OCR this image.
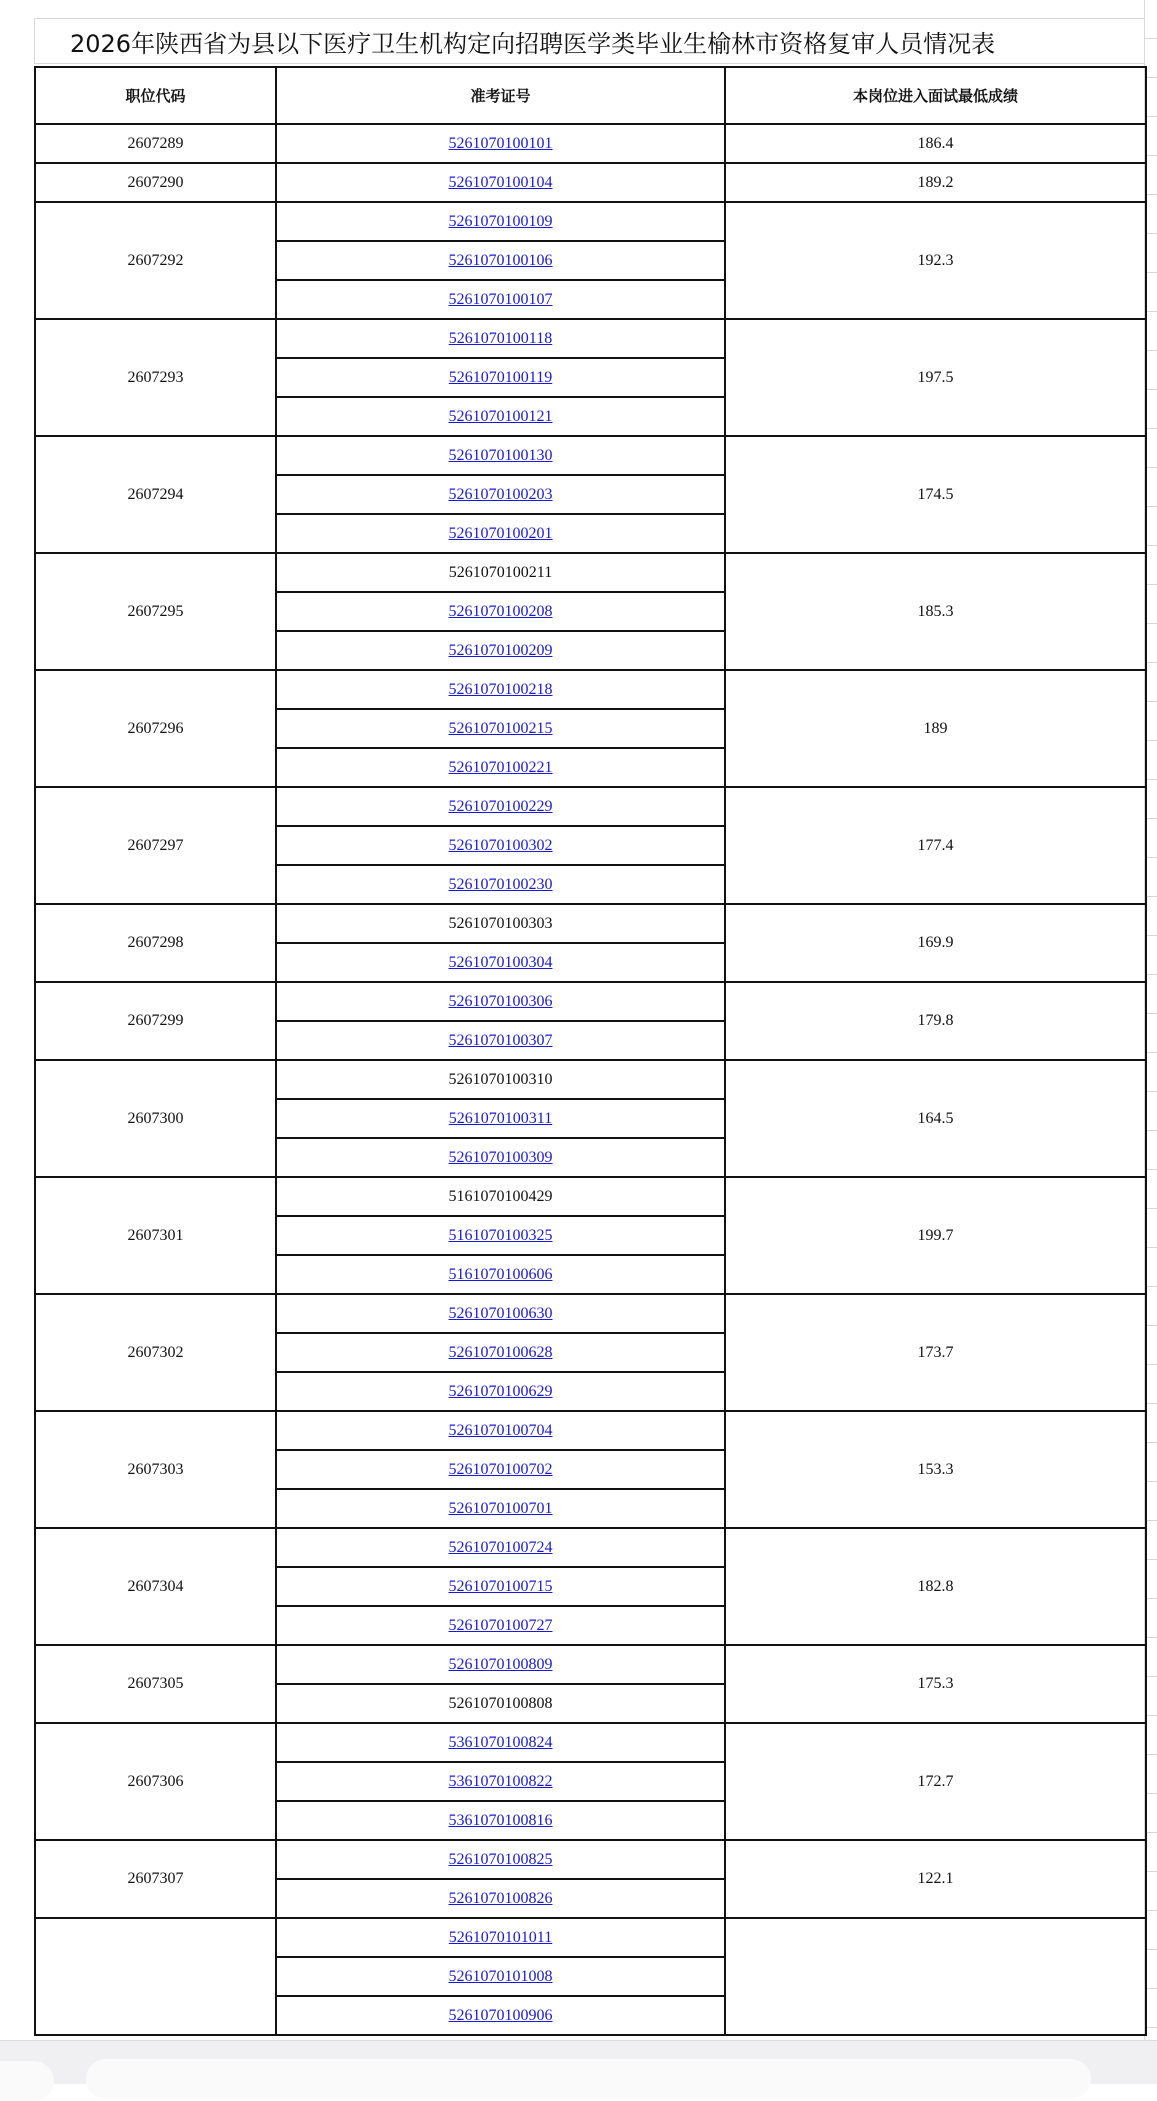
2026年陕西省为县以下医疗卫生机构定向招聘医学类毕业生榆林市资格复审人员情况表
职位代码	准考证号	本岗位进入面试最低成绩
2607289	5261070100101	186.4
2607290	5261070100104	189.2
2607292	5261070100109	192.3
	5261070100106	
	5261070100107	
2607293	5261070100118	197.5
	5261070100119	
	5261070100121	
2607294	5261070100130	174.5
	5261070100203	
	5261070100201	
2607295	5261070100211	185.3
	5261070100208	
	5261070100209	
2607296	5261070100218	189
	5261070100215	
	5261070100221	
2607297	5261070100229	177.4
	5261070100302	
	5261070100230	
2607298	5261070100303	169.9
	5261070100304	
2607299	5261070100306	179.8
	5261070100307	
2607300	5261070100310	164.5
	5261070100311	
	5261070100309	
2607301	5161070100429	199.7
	5161070100325	
	5161070100606	
2607302	5261070100630	173.7
	5261070100628	
	5261070100629	
2607303	5261070100704	153.3
	5261070100702	
	5261070100701	
2607304	5261070100724	182.8
	5261070100715	
	5261070100727	
2607305	5261070100809	175.3
	5261070100808	
2607306	5361070100824	172.7
	5361070100822	
	5361070100816	
2607307	5261070100825	122.1
	5261070100826	
	5261070101011	
	5261070101008	
	5261070100906	
